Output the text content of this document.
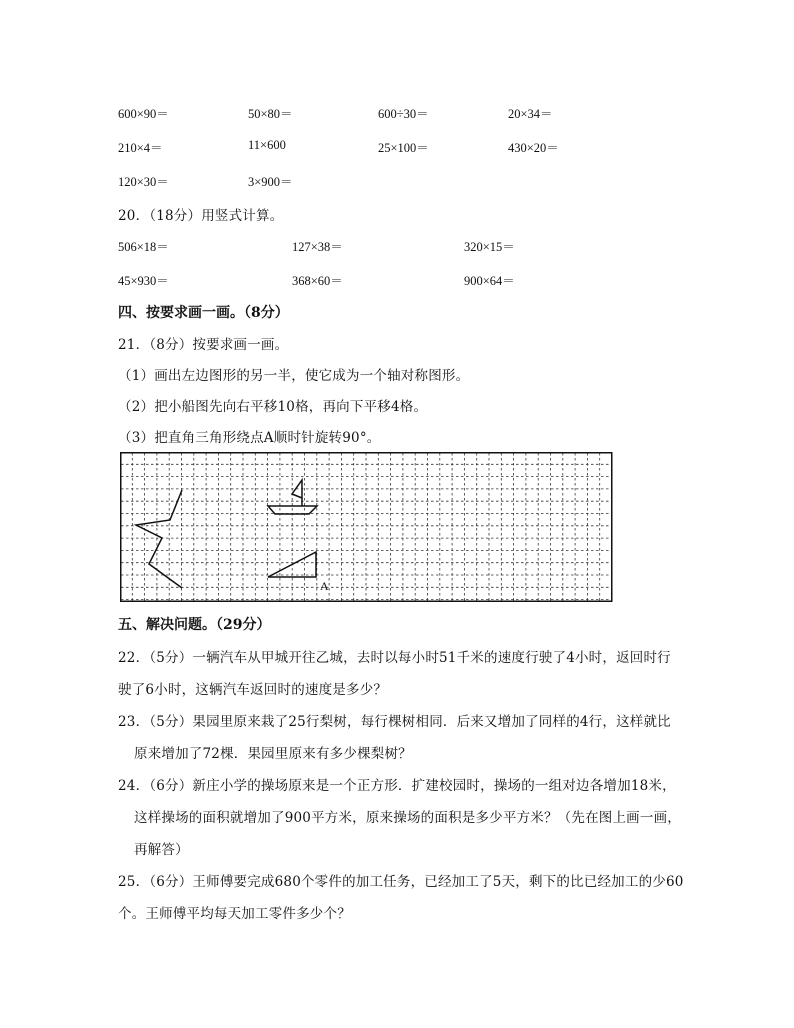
600×90＝	50×80＝	600÷30＝	20×34＝
210×4＝	11×600	25×100＝	430×20＝
120×30＝	3×900＝
20．（18分）用竖式计算。
506×18＝	127×38＝	320×15＝
45×930＝	368×60＝	900×64＝
四、按要求画一画。（8分）
21．（8分）按要求画一画。
（1）画出左边图形的另一半，使它成为一个轴对称图形。
（2）把小船图先向右平移10格，再向下平移4格。
（3）把直角三角形绕点A顺时针旋转90°。
A
五、解决问题。（29分）
22．（5分）一辆汽车从甲城开往乙城，去时以每小时51千米的速度行驶了4小时，返回时行
驶了6小时，这辆汽车返回时的速度是多少？
23．（5分）果园里原来栽了25行梨树，每行棵树相同．后来又增加了同样的4行，这样就比
原来增加了72棵．果园里原来有多少棵梨树？
24．（6分）新庄小学的操场原来是一个正方形．扩建校园时，操场的一组对边各增加18米，
这样操场的面积就增加了900平方米，原来操场的面积是多少平方米？（先在图上画一画，
再解答）
25．（6分）王师傅要完成680个零件的加工任务，已经加工了5天，剩下的比已经加工的少60
个。王师傅平均每天加工零件多少个？
